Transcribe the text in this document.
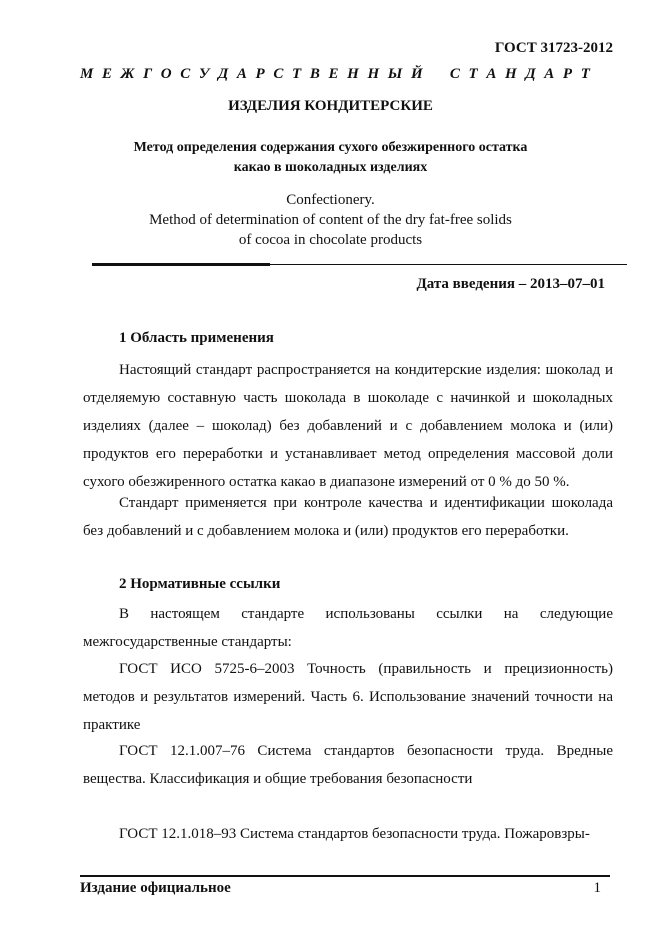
ГОСТ 31723-2012
М Е Ж Г О С У Д А Р С Т В Е Н Н Ы Й С Т А Н Д А Р Т
ИЗДЕЛИЯ КОНДИТЕРСКИЕ
Метод определения содержания сухого обезжиренного остатка
какао в шоколадных изделиях
Confectionery.
Method of determination of content of the dry fat-free solids
of cocoa in chocolate products
Дата введения – 2013–07–01
1 Область применения
Настоящий стандарт распространяется на кондитерские изделия: шоколад и отделяемую составную часть шоколада в шоколаде с начинкой и шоколадных изделиях (далее – шоколад) без добавлений и с добавлением молока и (или) продуктов его переработки и устанавливает метод определения массовой доли сухого обезжиренного остатка какао в диапазоне измерений от 0 % до 50 %.
Стандарт применяется при контроле качества и идентификации шоколада без добавлений и с добавлением молока и (или) продуктов его переработки.
2 Нормативные ссылки
В настоящем стандарте использованы ссылки на следующие межгосударственные стандарты:
ГОСТ ИСО 5725-6–2003 Точность (правильность и прецизионность) методов и результатов измерений. Часть 6. Использование значений точности на практике
ГОСТ 12.1.007–76 Система стандартов безопасности труда. Вредные вещества. Классификация и общие требования безопасности
ГОСТ 12.1.018–93 Система стандартов безопасности труда. Пожаровзры-
Издание официальное	1
